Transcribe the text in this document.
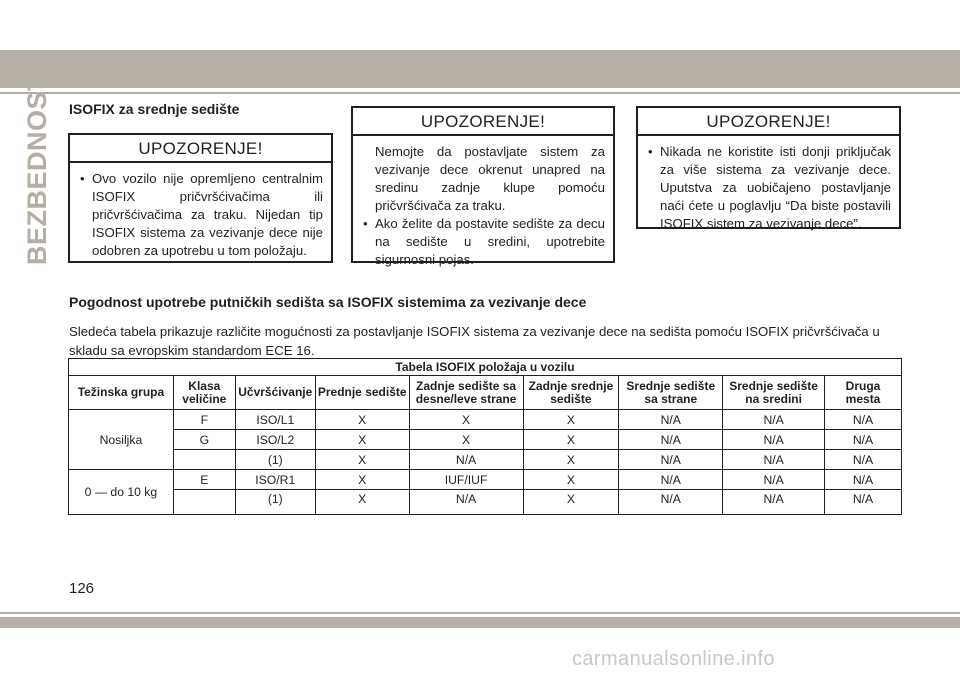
BEZBEDNOST ISOFIX za srednje sedište
UPOZORENJE!
• Ovo vozilo nije opremljeno centralnim ISOFIX pričvršćivačima ili pričvršćivačima za traku. Nijedan tip ISOFIX sistema za vezivanje dece nije odobren za upotrebu u tom položaju.
UPOZORENJE!
Nemojte da postavljate sistem za vezivanje dece okrenut unapred na sredinu zadnje klupe pomoću pričvršćivača za traku.
• Ako želite da postavite sedište za decu na sedište u sredini, upotrebite sigurnosni pojas.
UPOZORENJE!
• Nikada ne koristite isti donji priključak za više sistema za vezivanje dece. Uputstva za uobičajeno postavljanje naći ćete u poglavlju “Da biste postavili ISOFIX sistem za vezivanje dece”.
Pogodnost upotrebe putničkih sedišta sa ISOFIX sistemima za vezivanje dece

Sledeća tabela prikazuje različite mogućnosti za postavljanje ISOFIX sistema za vezivanje dece na sedišta pomoću ISOFIX pričvršćivača u skladu sa evropskim standardom ECE 16.

Tabela ISOFIX položaja u vozilu								
Težinska grupa	Klasa veličine	Učvršćivanje	Prednje sedište	Zadnje sedište sa desne/leve strane	Zadnje srednje sedište	Srednje sedište sa strane	Srednje sedište na sredini	Druga mesta
Nosiljka	F	ISO/L1	X	X	X	N/A	N/A	N/A
	G	ISO/L2	X	X	X	N/A	N/A	N/A
		(1)	X	N/A	X	N/A	N/A	N/A
0 — do 10 kg	E	ISO/R1	X	IUF/IUF	X	N/A	N/A	N/A
		(1)	X	N/A	X	N/A	N/A	N/A
126
carmanualsonline.info
